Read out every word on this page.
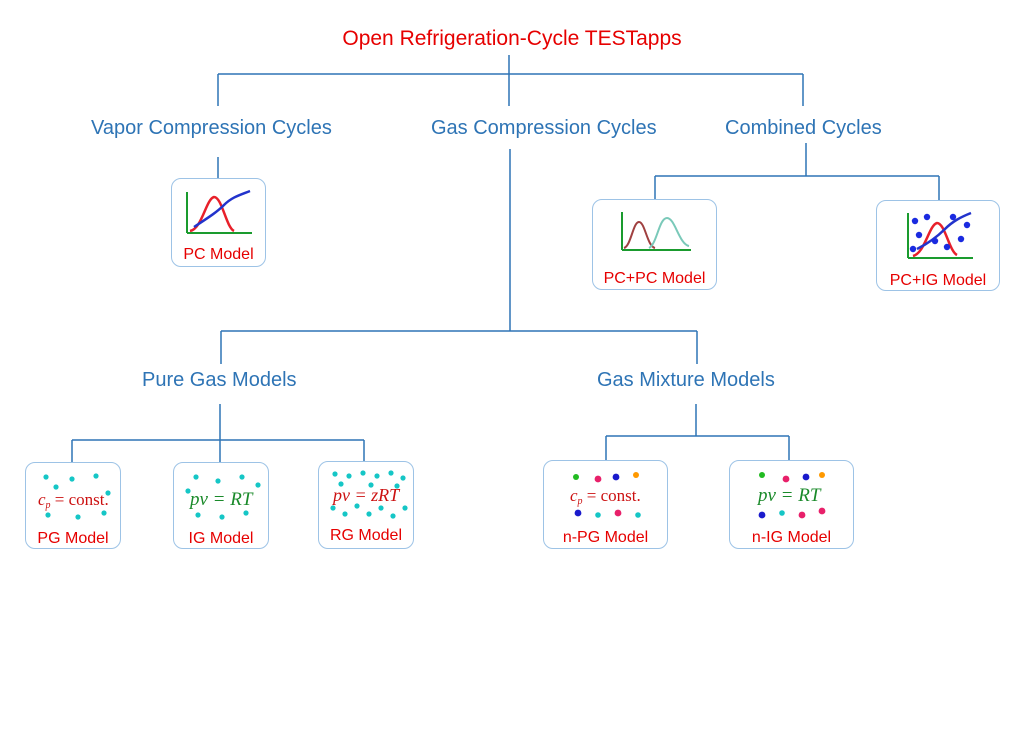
Open Refrigeration-Cycle TESTapps
Vapor Compression Cycles	Gas Compression Cycles	Combined Cycles
Pure Gas Models	Gas Mixture Models
PC Model
PC+PC Model	PC+IG Model
cp = const.
PG Model
pv = RT
IG Model
pv = zRT
RG Model
cp = const.
n-PG Model
pv = RT
n-IG Model
